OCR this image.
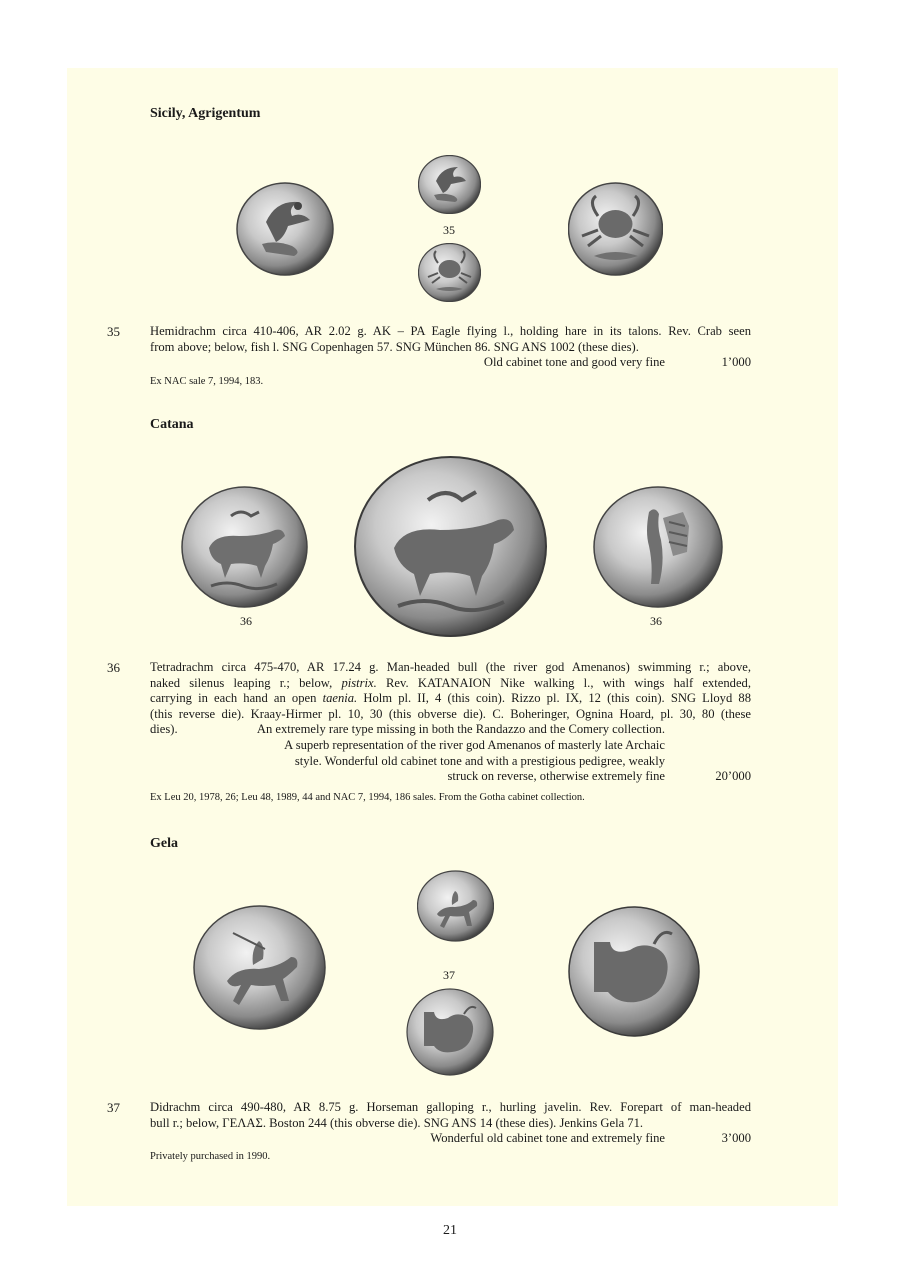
Sicily, Agrigentum
35
35 Hemidrachm circa 410-406, AR 2.02 g. AK – PA Eagle flying l., holding hare in its talons. Rev. Crab seen
from above; below, fish l. SNG Copenhagen 57. SNG München 86. SNG ANS 1002 (these dies).
Old cabinet tone and good very fine	1’000
Ex NAC sale 7, 1994, 183.
Catana
36	36
36 Tetradrachm circa 475-470, AR 17.24 g. Man-headed bull (the river god Amenanos) swimming r.; above,
naked silenus leaping r.; below, pistrix. Rev. KATANAION Nike walking l., with wings half extended,
carrying in each hand an open taenia. Holm pl. II, 4 (this coin). Rizzo pl. IX, 12 (this coin). SNG Lloyd 88
(this reverse die). Kraay-Hirmer pl. 10, 30 (this obverse die). C. Boheringer, Ognina Hoard, pl. 30, 80 (these
dies).	An extremely rare type missing in both the Randazzo and the Comery collection.
A superb representation of the river god Amenanos of masterly late Archaic
style. Wonderful old cabinet tone and with a prestigious pedigree, weakly
struck on reverse, otherwise extremely fine	20’000
Ex Leu 20, 1978, 26; Leu 48, 1989, 44 and NAC 7, 1994, 186 sales. From the Gotha cabinet collection.
Gela
37
37 Didrachm circa 490-480, AR 8.75 g. Horseman galloping r., hurling javelin. Rev. Forepart of man-headed
bull r.; below, ΓΕΛΑΣ. Boston 244 (this obverse die). SNG ANS 14 (these dies). Jenkins Gela 71.
Wonderful old cabinet tone and extremely fine	3’000
Privately purchased in 1990.
21
